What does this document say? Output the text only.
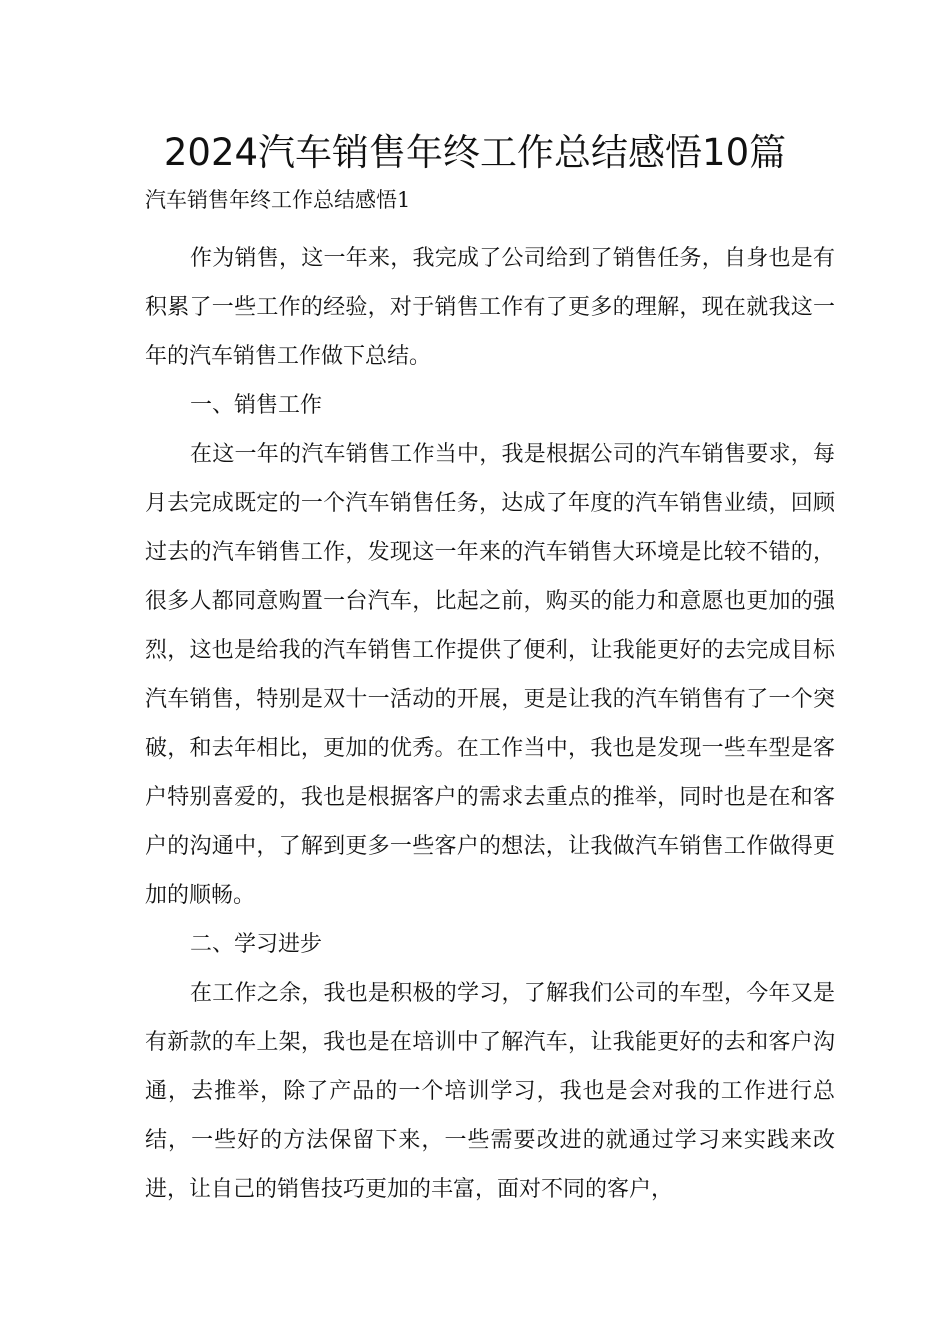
2024汽车销售年终工作总结感悟10篇

汽车销售年终工作总结感悟1

作为销售，这一年来，我完成了公司给到了销售任务，自身也是有积累了一些工作的经验，对于销售工作有了更多的理解，现在就我这一年的汽车销售工作做下总结。

一、销售工作

在这一年的汽车销售工作当中，我是根据公司的汽车销售要求，每月去完成既定的一个汽车销售任务，达成了年度的汽车销售业绩，回顾过去的汽车销售工作，发现这一年来的汽车销售大环境是比较不错的，很多人都同意购置一台汽车，比起之前，购买的能力和意愿也更加的强烈，这也是给我的汽车销售工作提供了便利，让我能更好的去完成目标汽车销售，特别是双十一活动的开展，更是让我的汽车销售有了一个突破，和去年相比，更加的优秀。在工作当中，我也是发现一些车型是客户特别喜爱的，我也是根据客户的需求去重点的推举，同时也是在和客户的沟通中，了解到更多一些客户的想法，让我做汽车销售工作做得更加的顺畅。

二、学习进步

在工作之余，我也是积极的学习，了解我们公司的车型，今年又是有新款的车上架，我也是在培训中了解汽车，让我能更好的去和客户沟通，去推举，除了产品的一个培训学习，我也是会对我的工作进行总结，一些好的方法保留下来，一些需要改进的就通过学习来实践来改进，让自己的销售技巧更加的丰富，面对不同的客户，
